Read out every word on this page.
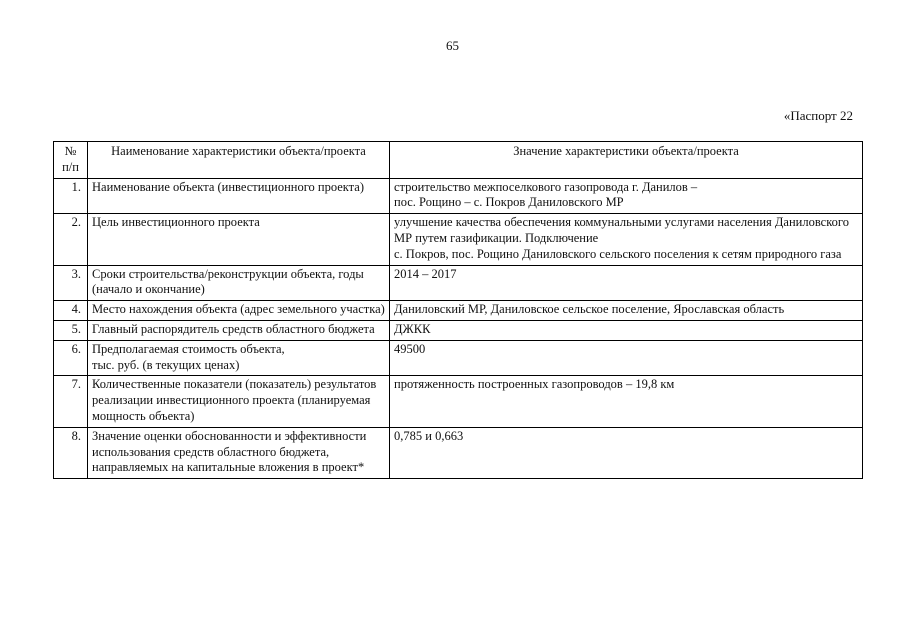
65
«Паспорт 22
№ п/п	Наименование характеристики объекта/проекта	Значение характеристики объекта/проекта
1.	Наименование объекта (инвестиционного проекта)	строительство межпоселкового газопровода г. Данилов –
пос. Рощино – с. Покров Даниловского МР
2.	Цель инвестиционного проекта	улучшение качества обеспечения коммунальными услугами населения Даниловского МР путем газификации. Подключение
с. Покров, пос. Рощино Даниловского сельского поселения к сетям природного газа
3.	Сроки строительства/реконструкции объекта, годы (начало и окончание)	2014 – 2017
4.	Место нахождения объекта (адрес земельного участка)	Даниловский МР, Даниловское сельское поселение, Ярославская область
5.	Главный распорядитель средств областного бюджета	ДЖКК
6.	Предполагаемая стоимость объекта,
тыс. руб. (в текущих ценах)	49500
7.	Количественные показатели (показатель) результатов реализации инвестиционного проекта (планируемая мощность объекта)	протяженность построенных газопроводов – 19,8 км
8.	Значение оценки обоснованности и эффективности использования средств областного бюджета, направляемых на капитальные вложения в проект*	0,785 и 0,663
